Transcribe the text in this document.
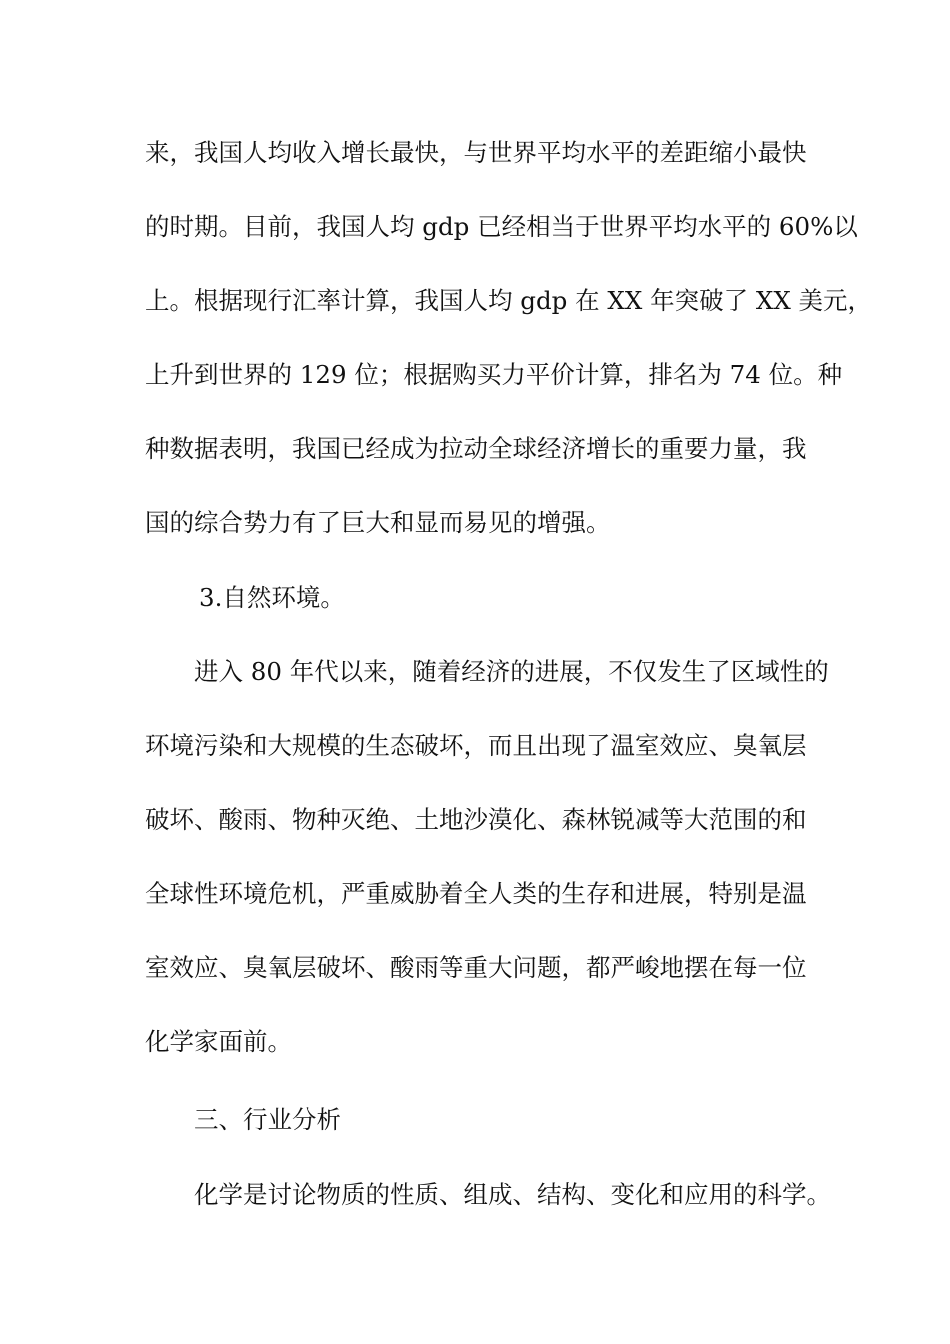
来，我国人均收入增长最快，与世界平均水平的差距缩小最快

的时期。目前，我国人均 gdp 已经相当于世界平均水平的 60%以

上。根据现行汇率计算，我国人均 gdp 在 XX 年突破了 XX 美元，

上升到世界的 129 位；根据购买力平价计算，排名为 74 位。种

种数据表明，我国已经成为拉动全球经济增长的重要力量，我

国的综合势力有了巨大和显而易见的增强。

3.自然环境。

进入 80 年代以来，随着经济的进展，不仅发生了区域性的

环境污染和大规模的生态破坏，而且出现了温室效应、臭氧层

破坏、酸雨、物种灭绝、土地沙漠化、森林锐减等大范围的和

全球性环境危机，严重威胁着全人类的生存和进展，特别是温

室效应、臭氧层破坏、酸雨等重大问题，都严峻地摆在每一位

化学家面前。

三、行业分析

化学是讨论物质的性质、组成、结构、变化和应用的科学。
